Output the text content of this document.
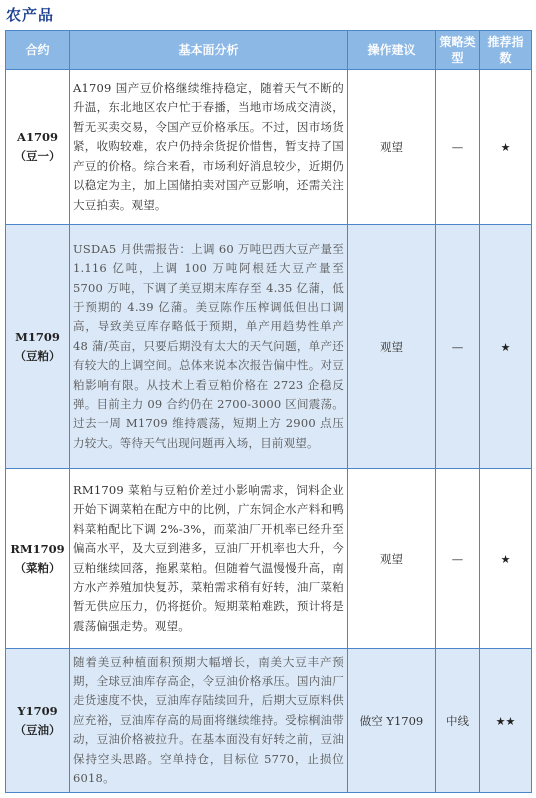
农产品
合约	基本面分析	操作建议	策略类型	推荐指数
A1709
（豆一）	A1709 国产豆价格继续维持稳定，随着天气不断的升温，东北地区农户忙于春播，当地市场成交清淡，暂无买卖交易，令国产豆价格承压。不过，因市场货紧，收购较难，农户仍持余货捉价惜售，暂支持了国产豆的价格。综合来看，市场利好消息较少，近期仍以稳定为主，加上国储拍卖对国产豆影响，还需关注大豆拍卖。观望。	观望	—	★
M1709
（豆粕）	USDA5 月供需报告：上调 60 万吨巴西大豆产量至 1.116 亿吨，上调 100 万吨阿根廷大豆产量至 5700 万吨，下调了美豆期末库存至 4.35 亿蒲，低于预期的 4.39 亿蒲。美豆陈作压榨调低但出口调高，导致美豆库存略低于预期，单产用趋势性单产 48 蒲/英亩，只要后期没有太大的天气问题，单产还有较大的上调空间。总体来说本次报告偏中性。对豆粕影响有限。从技术上看豆粕价格在 2723 企稳反弹。目前主力 09 合约仍在 2700-3000 区间震荡。过去一周 M1709 维持震荡，短期上方 2900 点压力较大。等待天气出现问题再入场，目前观望。	观望	—	★
RM1709
（菜粕）	RM1709 菜粕与豆粕价差过小影响需求，饲料企业开始下调菜粕在配方中的比例，广东饲企水产料和鸭料菜粕配比下调 2%-3%，而菜油厂开机率已经升至偏高水平，及大豆到港多，豆油厂开机率也大升，今豆粕继续回落，拖累菜粕。但随着气温慢慢升高，南方水产养殖加快复苏，菜粕需求稍有好转，油厂菜粕暂无供应压力，仍将挺价。短期菜粕难跌，预计将是震荡偏强走势。观望。	观望	—	★
Y1709
（豆油）	随着美豆种植面积预期大幅增长，南美大豆丰产预期，全球豆油库存高企，令豆油价格承压。国内油厂走货速度不快，豆油库存陆续回升，后期大豆原料供应充裕，豆油库存高的局面将继续维持。受棕榈油带动，豆油价格被拉升。在基本面没有好转之前，豆油保持空头思路。空单持仓，目标位 5770，止损位 6018。	做空 Y1709	中线	★★
